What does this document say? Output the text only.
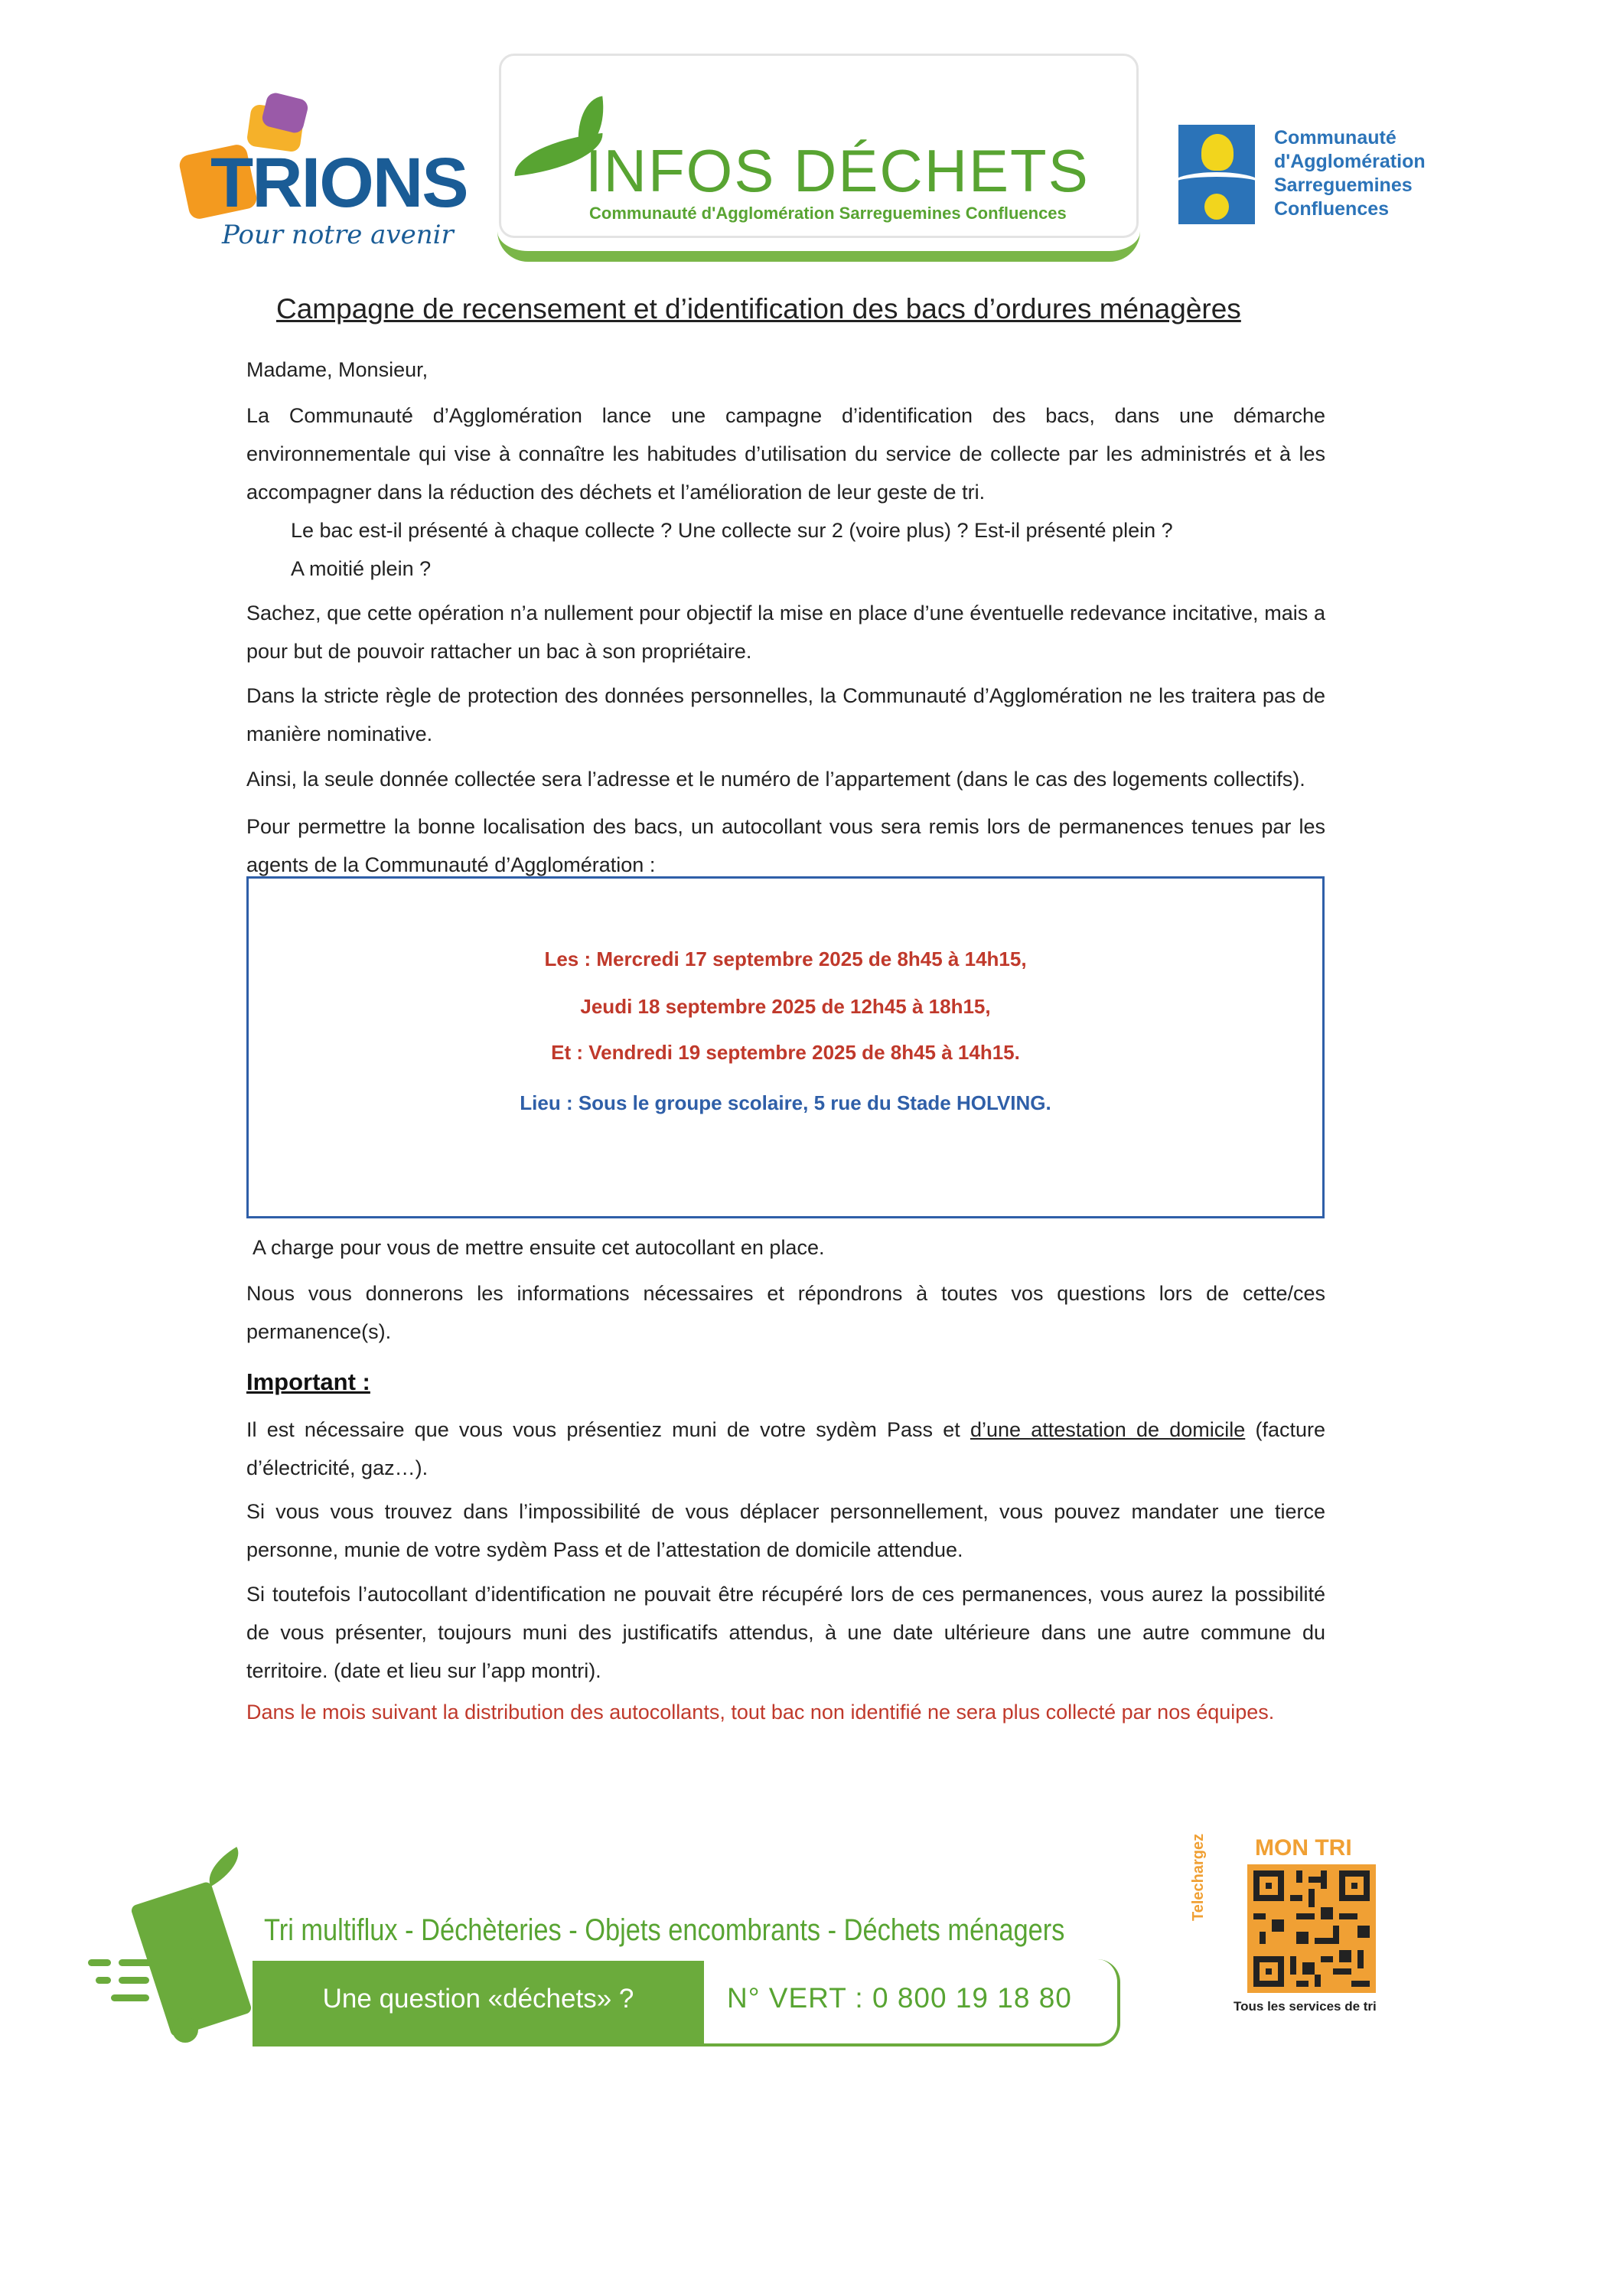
TRIONS
Pour notre avenir
INFOS DÉCHETS
Communauté d'Agglomération Sarreguemines Confluences
Communauté
d'Agglomération
Sarreguemines
Confluences
Campagne de recensement et d’identification des bacs d’ordures ménagères
Madame, Monsieur,
La Communauté d’Agglomération lance une campagne d’identification des bacs, dans une démarche environnementale qui vise à connaître les habitudes d’utilisation du service de collecte par les administrés et à les accompagner dans la réduction des déchets et l’amélioration de leur geste de tri.
Le bac est-il présenté à chaque collecte ? Une collecte sur 2 (voire plus) ? Est-il présenté plein ?
A moitié plein ?
Sachez, que cette opération n’a nullement pour objectif la mise en place d’une éventuelle redevance incitative, mais a pour but de pouvoir rattacher un bac à son propriétaire.
Dans la stricte règle de protection des données personnelles, la Communauté d’Agglomération ne les traitera pas de manière nominative.
Ainsi, la seule donnée collectée sera l’adresse et le numéro de l’appartement (dans le cas des logements collectifs).
Pour permettre la bonne localisation des bacs, un autocollant vous sera remis lors de permanences tenues par les agents de la Communauté d’Agglomération :
Les : Mercredi 17 septembre 2025 de 8h45 à 14h15,
Jeudi 18 septembre 2025 de 12h45 à 18h15,
Et : Vendredi 19 septembre 2025 de 8h45 à 14h15.
Lieu : Sous le groupe scolaire, 5 rue du Stade HOLVING.
A charge pour vous de mettre ensuite cet autocollant en place.
Nous vous donnerons les informations nécessaires et répondrons à toutes vos questions lors de cette/ces permanence(s).
Important :
Il est nécessaire que vous vous présentiez muni de votre sydèm Pass et d’une attestation de domicile (facture d’électricité, gaz…).
Si vous vous trouvez dans l’impossibilité de vous déplacer personnellement, vous pouvez mandater une tierce personne, munie de votre sydèm Pass et de l’attestation de domicile attendue.
Si toutefois l’autocollant d’identification ne pouvait être récupéré lors de ces permanences, vous aurez la possibilité de vous présenter, toujours muni des justificatifs attendus, à une date ultérieure dans une autre commune du territoire. (date et lieu sur l’app montri).
Dans le mois suivant la distribution des autocollants, tout bac non identifié ne sera plus collecté par nos équipes.
Tri multiflux - Déchèteries - Objets encombrants - Déchets ménagers
Une question «déchets» ?	N° VERT : 0 800 19 18 80
MON TRI
Telechargez
Tous les services de tri
